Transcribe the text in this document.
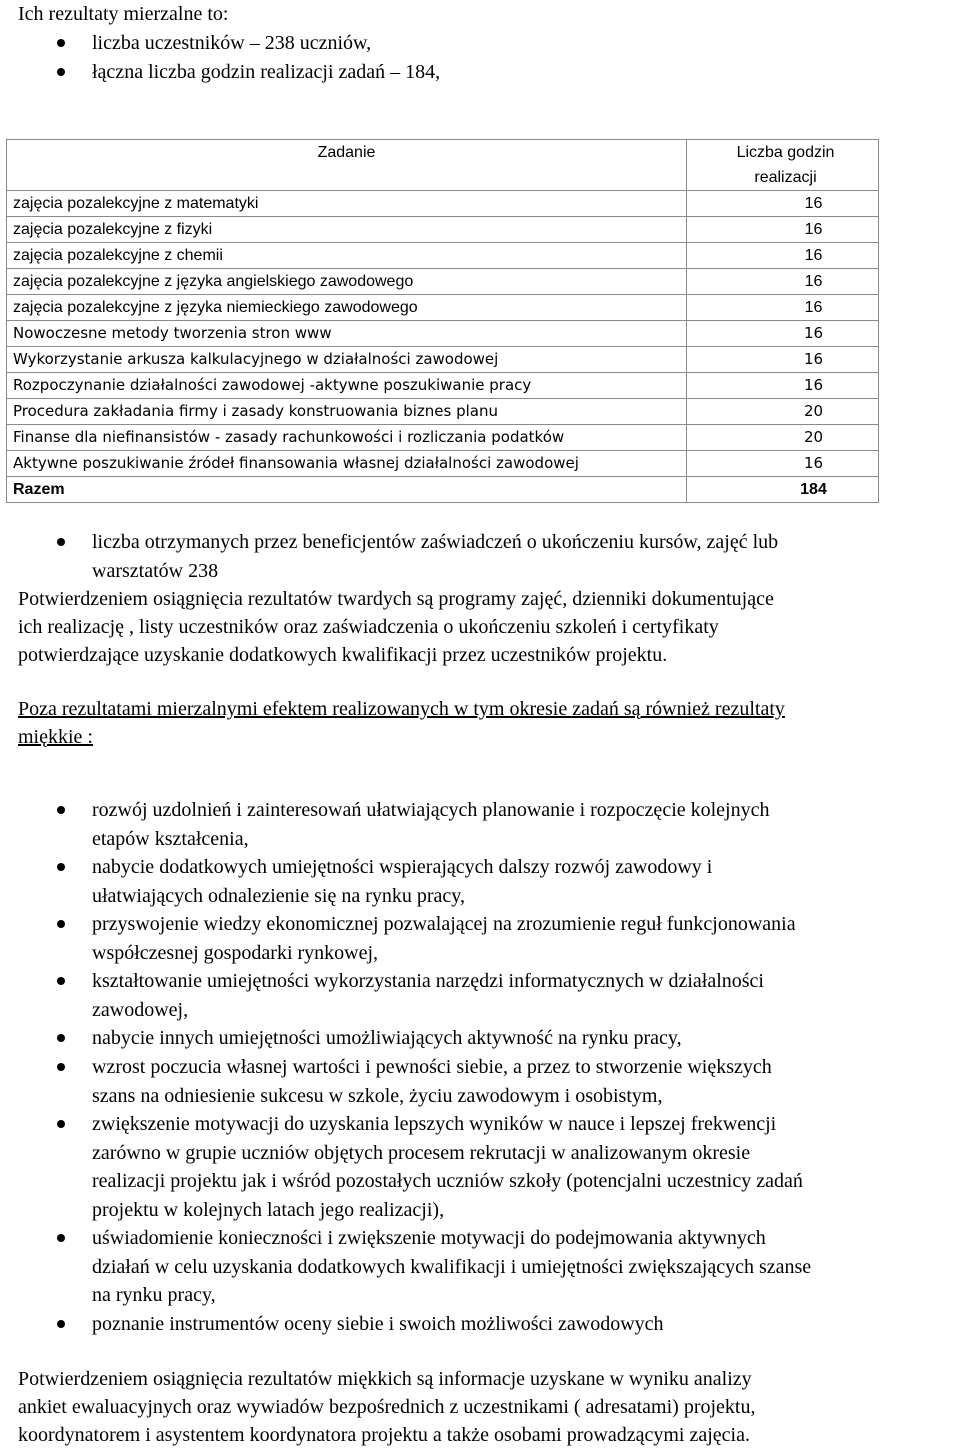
Ich rezultaty mierzalne to:
liczba uczestników – 238 uczniów,
łączna liczba godzin realizacji zadań – 184,
Zadanie	Liczba godzin
realizacji

zajęcia pozalekcyjne z matematyki	16
zajęcia pozalekcyjne z fizyki	16
zajęcia pozalekcyjne z chemii	16
zajęcia pozalekcyjne z języka angielskiego zawodowego	16
zajęcia pozalekcyjne z języka niemieckiego zawodowego	16
Nowoczesne metody tworzenia stron www	16
Wykorzystanie arkusza kalkulacyjnego w działalności zawodowej	16
Rozpoczynanie działalności zawodowej -aktywne poszukiwanie pracy	16
Procedura zakładania firmy i zasady konstruowania biznes planu	20
Finanse dla niefinansistów - zasady rachunkowości i rozliczania podatków	20
Aktywne poszukiwanie źródeł finansowania własnej działalności zawodowej	16
Razem	184
liczba otrzymanych przez beneficjentów zaświadczeń o ukończeniu kursów, zajęć lub
warsztatów 238
Potwierdzeniem osiągnięcia rezultatów twardych są programy zajęć, dzienniki dokumentujące
ich realizację , listy uczestników oraz zaświadczenia o ukończeniu szkoleń i certyfikaty
potwierdzające uzyskanie dodatkowych kwalifikacji przez uczestników projektu.
Poza rezultatami mierzalnymi efektem realizowanych w tym okresie zadań są również rezultaty
miękkie :
rozwój uzdolnień i zainteresowań ułatwiających planowanie i rozpoczęcie kolejnych
etapów kształcenia,
nabycie dodatkowych umiejętności wspierających dalszy rozwój zawodowy i
ułatwiających odnalezienie się na rynku pracy,
przyswojenie wiedzy ekonomicznej pozwalającej na zrozumienie reguł funkcjonowania
współczesnej gospodarki rynkowej,
kształtowanie umiejętności wykorzystania narzędzi informatycznych w działalności
zawodowej,
nabycie innych umiejętności umożliwiających aktywność na rynku pracy,
wzrost poczucia własnej wartości i pewności siebie, a przez to stworzenie większych
szans na odniesienie sukcesu w szkole, życiu zawodowym i osobistym,
zwiększenie motywacji do uzyskania lepszych wyników w nauce i lepszej frekwencji
zarówno w grupie uczniów objętych procesem rekrutacji w analizowanym okresie
realizacji projektu jak i wśród pozostałych uczniów szkoły (potencjalni uczestnicy zadań
projektu w kolejnych latach jego realizacji),
uświadomienie konieczności i zwiększenie motywacji do podejmowania aktywnych
działań w celu uzyskania dodatkowych kwalifikacji i umiejętności zwiększających szanse
na rynku pracy,
poznanie instrumentów oceny siebie i swoich możliwości zawodowych
Potwierdzeniem osiągnięcia rezultatów miękkich są informacje uzyskane w wyniku analizy
ankiet ewaluacyjnych oraz wywiadów bezpośrednich z uczestnikami ( adresatami) projektu,
koordynatorem i asystentem koordynatora projektu a także osobami prowadzącymi zajęcia.
